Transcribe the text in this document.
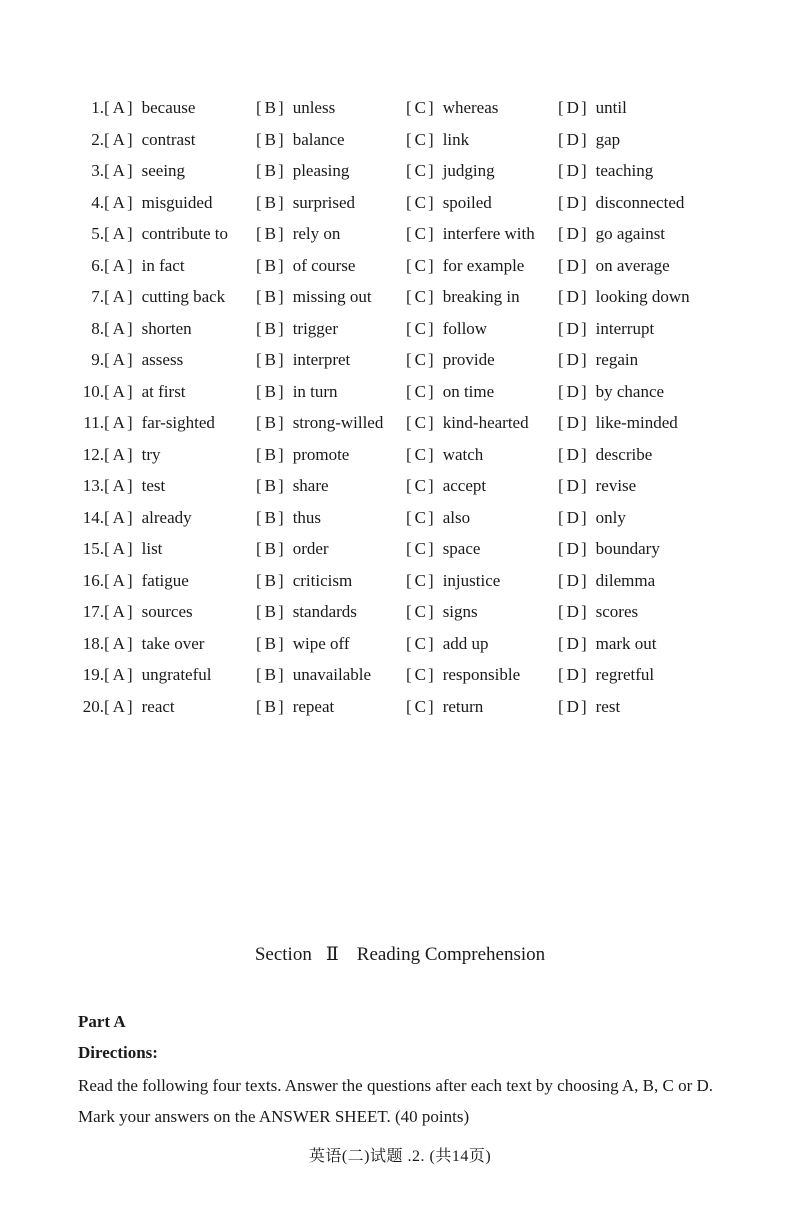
1. [ A ] because	[ B ] unless	[ C ] whereas	[ D ] until
2. [ A ] contrast	[ B ] balance	[ C ] link	[ D ] gap
3. [ A ] seeing	[ B ] pleasing	[ C ] judging	[ D ] teaching
4. [ A ] misguided	[ B ] surprised	[ C ] spoiled	[ D ] disconnected
5. [ A ] contribute to [ B ] rely on	[ C ] interfere with [ D ] go against
6. [ A ] in fact	[ B ] of course	[ C ] for example [ D ] on average
7. [ A ] cutting back [ B ] missing out [ C ] breaking in [ D ] looking down
8. [ A ] shorten	[ B ] trigger	[ C ] follow	[ D ] interrupt
9. [ A ] assess	[ B ] interpret	[ C ] provide	[ D ] regain
10. [ A ] at first	[ B ] in turn	[ C ] on time	[ D ] by chance
11. [ A ] far-sighted [ B ] strong-willed [ C ] kind-hearted [ D ] like-minded
12. [ A ] try	[ B ] promote	[ C ] watch	[ D ] describe
13. [ A ] test	[ B ] share	[ C ] accept	[ D ] revise
14. [ A ] already	[ B ] thus	[ C ] also	[ D ] only
15. [ A ] list	[ B ] order	[ C ] space	[ D ] boundary
16. [ A ] fatigue	[ B ] criticism	[ C ] injustice	[ D ] dilemma
17. [ A ] sources	[ B ] standards	[ C ] signs	[ D ] scores
18. [ A ] take over	[ B ] wipe off	[ C ] add up	[ D ] mark out
19. [ A ] ungrateful	[ B ] unavailable [ C ] responsible [ D ] regretful
20. [ A ] react	[ B ] repeat	[ C ] return	[ D ] rest
Section Ⅱ Reading Comprehension
Part A
Directions:
Read the following four texts. Answer the questions after each text by choosing A, B, C or D. Mark your answers on the ANSWER SHEET. (40 points)
英语(二)试题 .2. (共14页)
